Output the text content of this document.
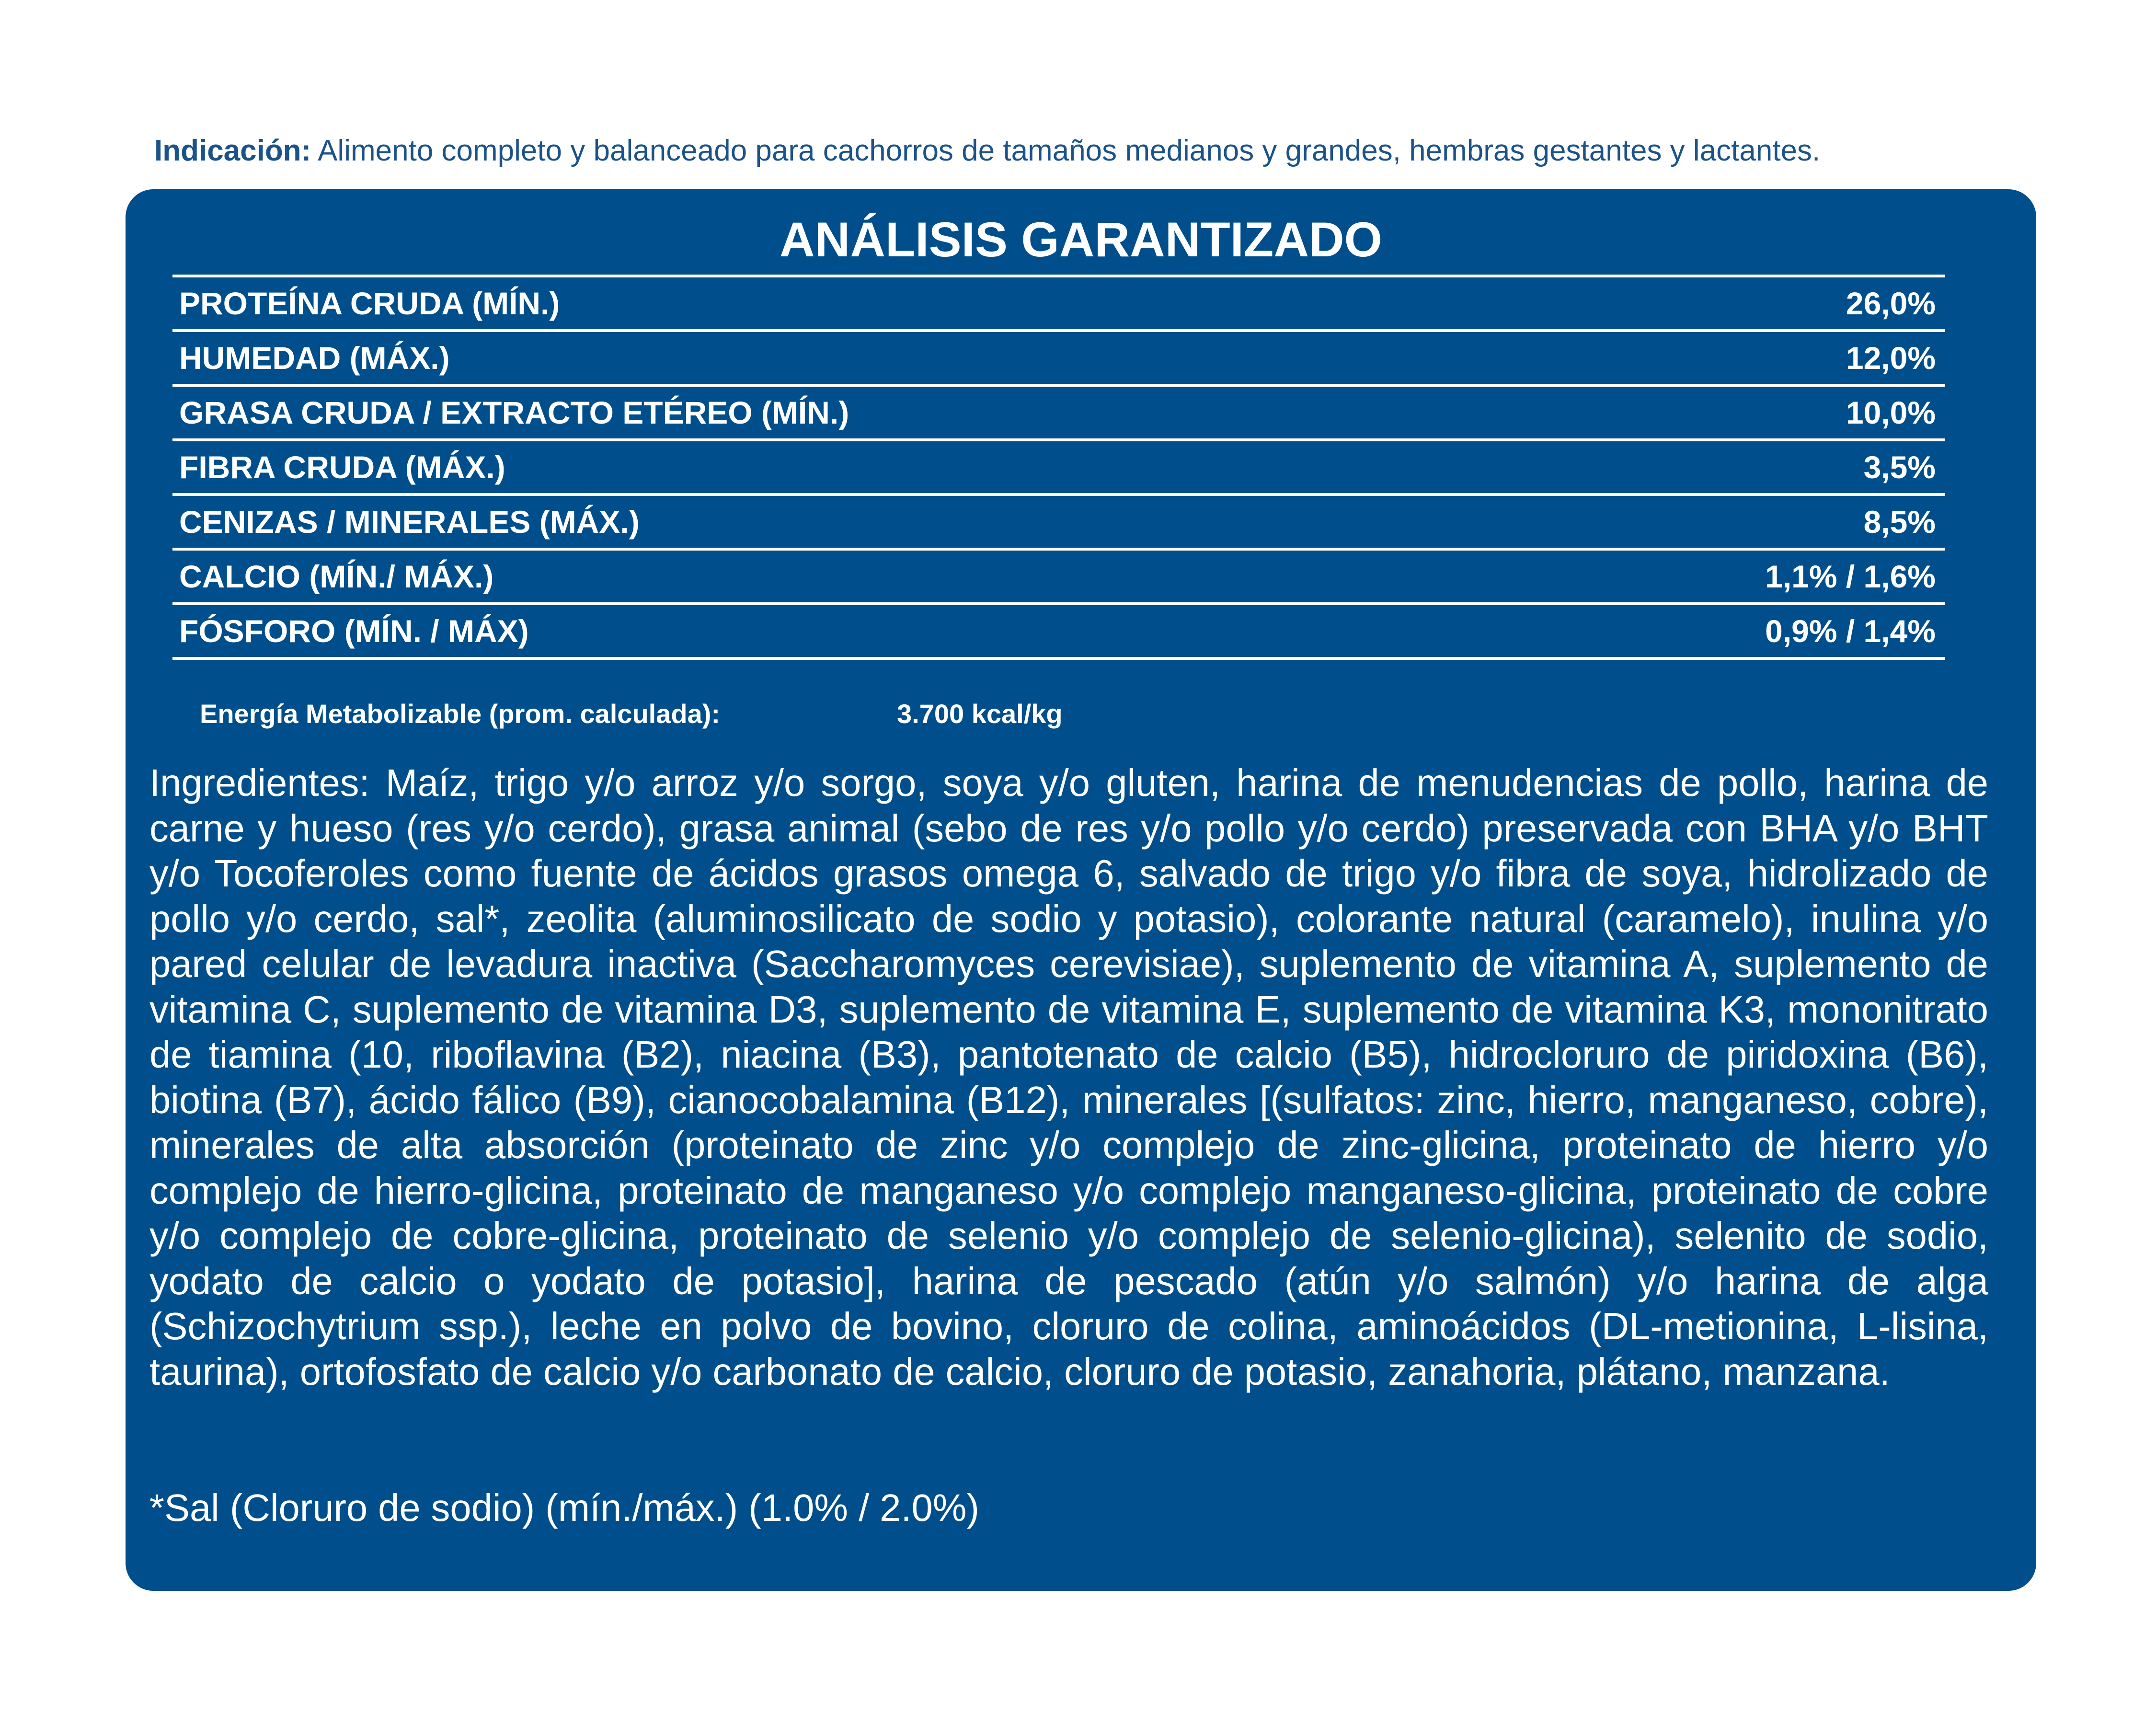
Indicación: Alimento completo y balanceado para cachorros de tamaños medianos y grandes, hembras gestantes y lactantes.
ANÁLISIS GARANTIZADO
PROTEÍNA CRUDA (MÍN.)	26,0%
HUMEDAD (MÁX.)	12,0%
GRASA CRUDA / EXTRACTO ETÉREO (MÍN.)	10,0%
FIBRA CRUDA (MÁX.)	3,5%
CENIZAS / MINERALES (MÁX.)	8,5%
CALCIO (MÍN./ MÁX.)	1,1% / 1,6%
FÓSFORO (MÍN. / MÁX)	0,9% / 1,4%
Energía Metabolizable (prom. calculada):	3.700 kcal/kg
Ingredientes: Maíz, trigo y/o arroz y/o sorgo, soya y/o gluten, harina de menudencias de pollo, harina de carne y hueso (res y/o cerdo), grasa animal (sebo de res y/o pollo y/o cerdo) preservada con BHA y/o BHT y/o Tocoferoles como fuente de ácidos grasos omega 6, salvado de trigo y/o fibra de soya, hidrolizado de pollo y/o cerdo, sal*, zeolita (aluminosilicato de sodio y potasio), colorante natural (caramelo), inulina y/o pared celular de levadura inactiva (Saccharomyces cerevisiae), suplemento de vitamina A, suplemento de vitamina C, suplemento de vitamina D3, suplemento de vitamina E, suplemento de vitamina K3, mononitrato de tiamina (10, riboflavina (B2), niacina (B3), pantotenato de calcio (B5), hidrocloruro de piridoxina (B6), biotina (B7), ácido fálico (B9), cianocobalamina (B12), minerales [(sulfatos: zinc, hierro, manganeso, cobre), minerales de alta absorción (proteinato de zinc y/o complejo de zinc-glicina, proteinato de hierro y/o complejo de hierro-glicina, proteinato de manganeso y/o complejo manganeso-glicina, proteinato de cobre y/o complejo de cobre-glicina, proteinato de selenio y/o complejo de selenio-glicina), selenito de sodio, yodato de calcio o yodato de potasio], harina de pescado (atún y/o salmón) y/o harina de alga (Schizochytrium ssp.), leche en polvo de bovino, cloruro de colina, aminoácidos (DL-metionina, L-lisina, taurina), ortofosfato de calcio y/o carbonato de calcio, cloruro de potasio, zanahoria, plátano, manzana.
*Sal (Cloruro de sodio) (mín./máx.) (1.0% / 2.0%)
